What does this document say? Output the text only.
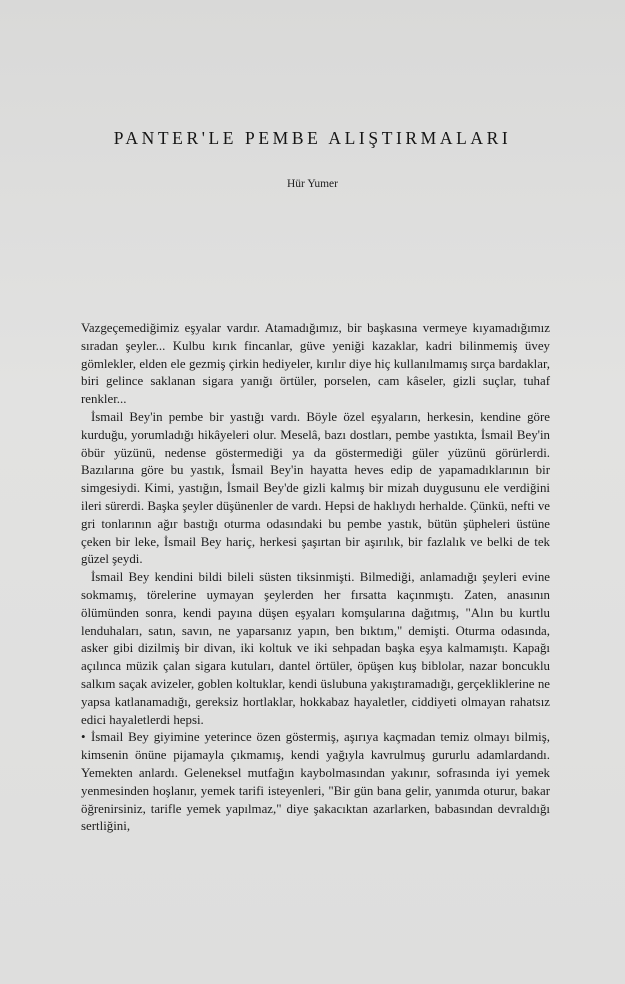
PANTER'LE PEMBE ALIŞTIRMALARI
Hür Yumer

Vazgeçemediğimiz eşyalar vardır. Atamadığımız, bir başkasına vermeye kıyamadığımız sıradan şeyler... Kulbu kırık fincanlar, güve yeniği kazaklar, kadri bilinmemiş üvey gömlekler, elden ele gezmiş çirkin hediyeler, kırılır diye hiç kullanılmamış sırça bardaklar, biri gelince saklanan sigara yanığı örtüler, porselen, cam kâseler, gizli suçlar, tuhaf renkler...

İsmail Bey'in pembe bir yastığı vardı. Böyle özel eşyaların, herkesin, kendine göre kurduğu, yorumladığı hikâyeleri olur. Meselâ, bazı dostları, pembe yastıkta, İsmail Bey'in öbür yüzünü, nedense göstermediği ya da göstermediği güler yüzünü görürlerdi. Bazılarına göre bu yastık, İsmail Bey'in hayatta heves edip de yapamadıklarının bir simgesiydi. Kimi, yastığın, İsmail Bey'de gizli kalmış bir mizah duygusunu ele verdiğini ileri sürerdi. Başka şeyler düşünenler de vardı. Hepsi de haklıydı herhalde. Çünkü, nefti ve gri tonlarının ağır bastığı oturma odasındaki bu pembe yastık, bütün şüpheleri üstüne çeken bir leke, İsmail Bey hariç, herkesi şaşırtan bir aşırılık, bir fazlalık ve belki de tek güzel şeydi.

İsmail Bey kendini bildi bileli süsten tiksinmişti. Bilmediği, anlamadığı şeyleri evine sokmamış, törelerine uymayan şeylerden her fırsatta kaçınmıştı. Zaten, anasının ölümünden sonra, kendi payına düşen eşyaları komşularına dağıtmış, "Alın bu kurtlu lenduhaları, satın, savın, ne yaparsanız yapın, ben bıktım," demişti. Oturma odasında, asker gibi dizilmiş bir divan, iki koltuk ve iki sehpadan başka eşya kalmamıştı. Kapağı açılınca müzik çalan sigara kutuları, dantel örtüler, öpüşen kuş biblolar, nazar boncuklu salkım saçak avizeler, goblen koltuklar, kendi üslubuna yakıştıramadığı, gerçekliklerine ne yapsa katlanamadığı, gereksiz hortlaklar, hokkabaz hayaletler, ciddiyeti olmayan rahatsız edici hayaletlerdi hepsi.

• İsmail Bey giyimine yeterince özen göstermiş, aşırıya kaçmadan temiz olmayı bilmiş, kimsenin önüne pijamayla çıkmamış, kendi yağıyla kavrulmuş gururlu adamlardandı. Yemekten anlardı. Geleneksel mutfağın kaybolmasından yakınır, sofrasında iyi yemek yenmesinden hoşlanır, yemek tarifi isteyenleri, "Bir gün bana gelir, yanımda oturur, bakar öğrenirsiniz, tarifle yemek yapılmaz," diye şakacıktan azarlarken, babasından devraldığı sertliğini,
